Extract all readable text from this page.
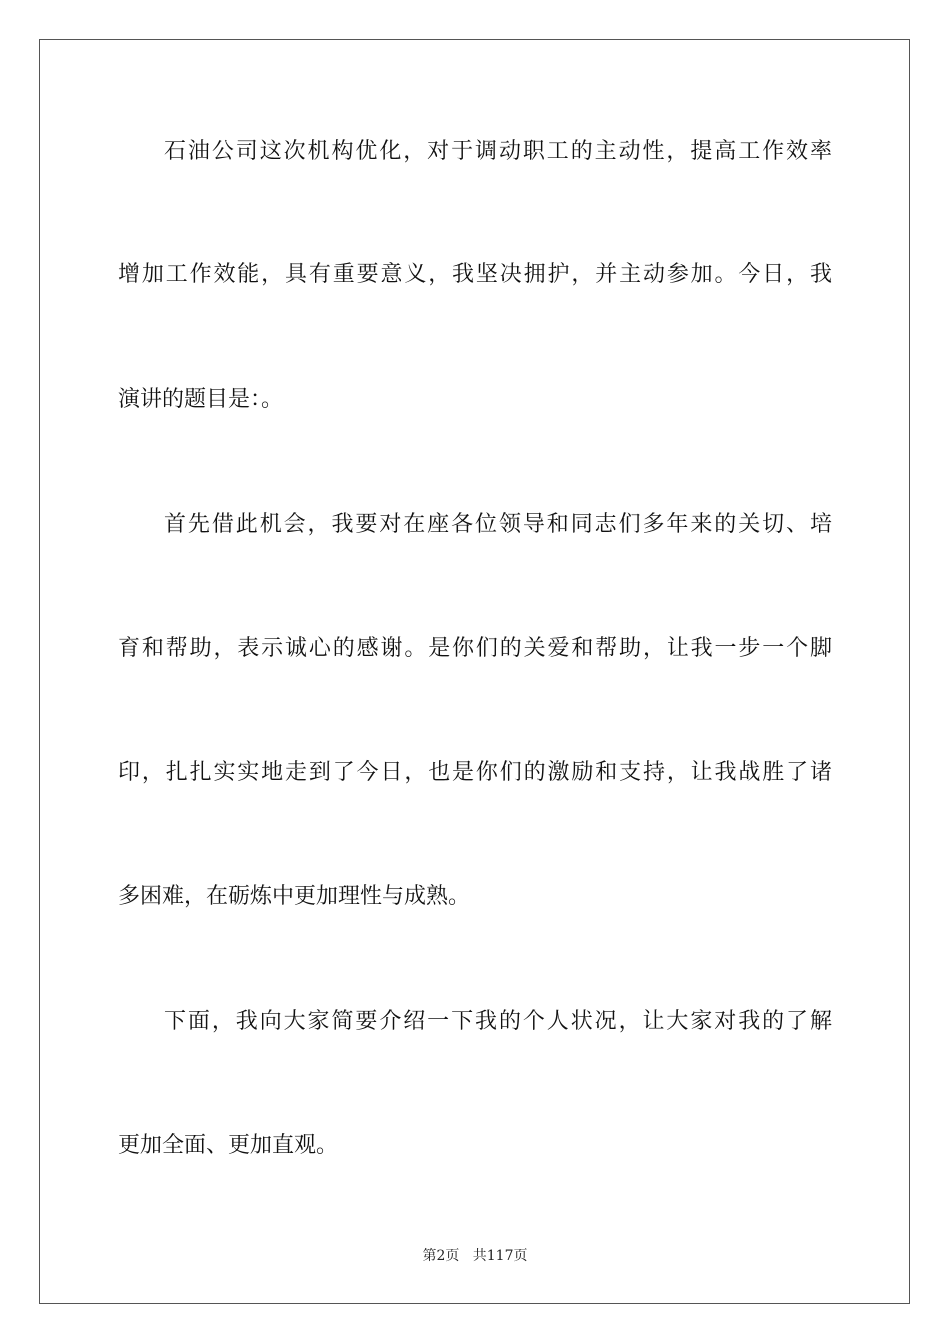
石油公司这次机构优化，对于调动职工的主动性，提高工作效率
增加工作效能，具有重要意义，我坚决拥护，并主动参加。今日，我
演讲的题目是：。
首先借此机会，我要对在座各位领导和同志们多年来的关切、培
育和帮助，表示诚心的感谢。是你们的关爱和帮助，让我一步一个脚
印，扎扎实实地走到了今日，也是你们的激励和支持，让我战胜了诸
多困难，在砺炼中更加理性与成熟。
下面，我向大家简要介绍一下我的个人状况，让大家对我的了解
更加全面、更加直观。
第2页 共117页
